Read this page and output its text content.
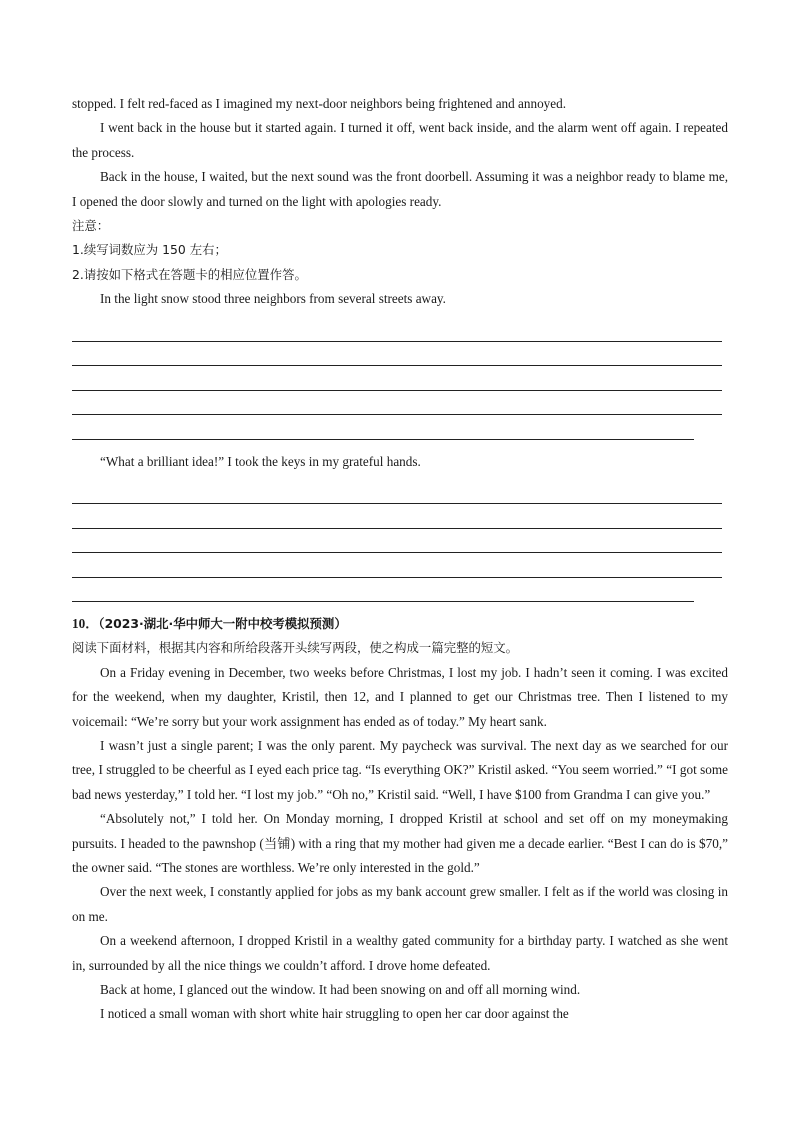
stopped. I felt red-faced as I imagined my next-door neighbors being frightened and annoyed.

I went back in the house but it started again. I turned it off, went back inside, and the alarm went off again. I repeated the process.

Back in the house, I waited, but the next sound was the front doorbell. Assuming it was a neighbor ready to blame me, I opened the door slowly and turned on the light with apologies ready.

注意：

1.续写词数应为 150 左右；

2.请按如下格式在答题卡的相应位置作答。

In the light snow stood three neighbors from several streets away.

“What a brilliant idea!” I took the keys in my grateful hands.

10．（2023·湖北·华中师大一附中校考模拟预测）

阅读下面材料，根据其内容和所给段落开头续写两段，使之构成一篇完整的短文。

On a Friday evening in December, two weeks before Christmas, I lost my job. I hadn’t seen it coming. I was excited for the weekend, when my daughter, Kristil, then 12, and I planned to get our Christmas tree. Then I listened to my voicemail: “We’re sorry but your work assignment has ended as of today.” My heart sank.

I wasn’t just a single parent; I was the only parent. My paycheck was survival. The next day as we searched for our tree, I struggled to be cheerful as I eyed each price tag. “Is everything OK?” Kristil asked. “You seem worried.” “I got some bad news yesterday,” I told her. “I lost my job.” “Oh no,” Kristil said. “Well, I have $100 from Grandma I can give you.”

“Absolutely not,” I told her. On Monday morning, I dropped Kristil at school and set off on my moneymaking pursuits. I headed to the pawnshop (当铺) with a ring that my mother had given me a decade earlier. “Best I can do is $70,” the owner said. “The stones are worthless. We’re only interested in the gold.”

Over the next week, I constantly applied for jobs as my bank account grew smaller. I felt as if the world was closing in on me.

On a weekend afternoon, I dropped Kristil in a wealthy gated community for a birthday party. I watched as she went in, surrounded by all the nice things we couldn’t afford. I drove home defeated.

Back at home, I glanced out the window. It had been snowing on and off all morning wind.

I noticed a small woman with short white hair struggling to open her car door against the
